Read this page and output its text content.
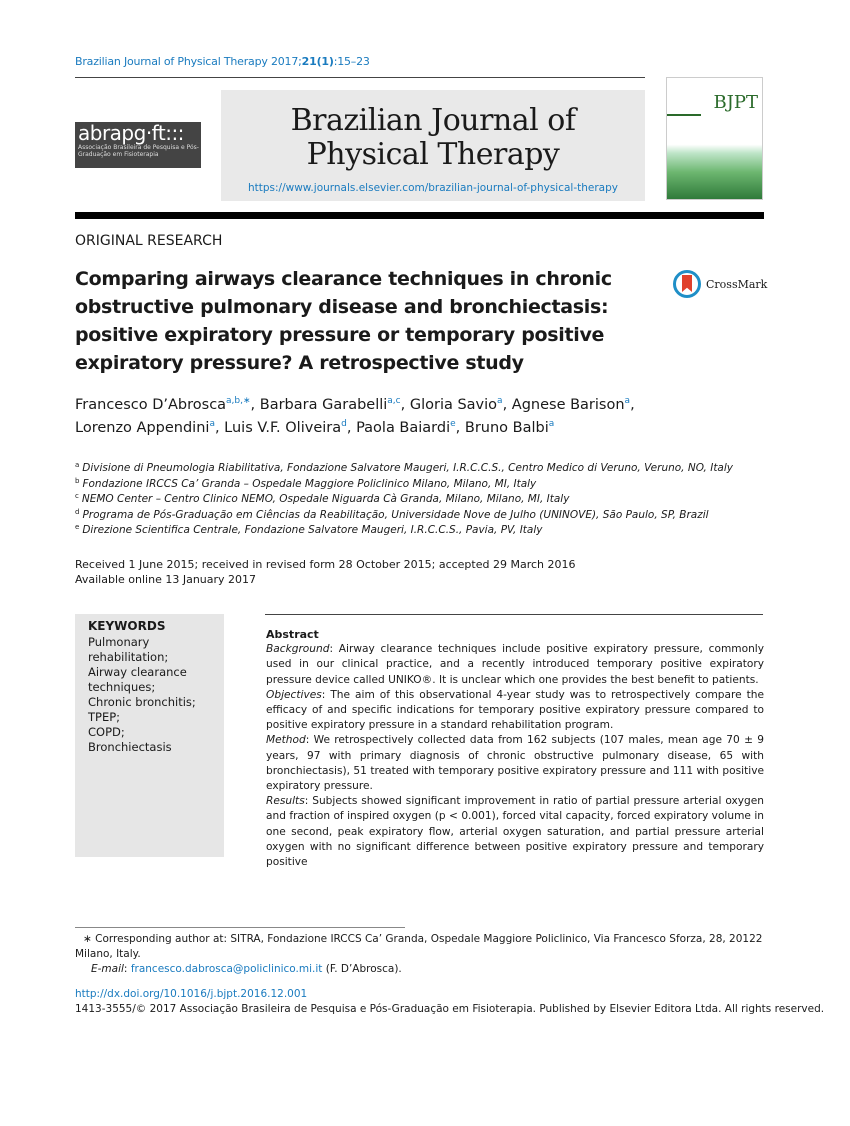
Brazilian Journal of Physical Therapy 2017;21(1):15–23
abrapg·ft:::
Associação Brasileira de Pesquisa e Pós-Graduação em Fisioterapia
Brazilian Journal of
Physical Therapy
https://www.journals.elsevier.com/brazilian-journal-of-physical-therapy
BJPT
ORIGINAL RESEARCH
Comparing airways clearance techniques in chronic obstructive pulmonary disease and bronchiectasis: positive expiratory pressure or temporary positive expiratory pressure? A retrospective study
CrossMark
Francesco D’Abrosca$^{a,b,∗}$, Barbara Garabelli$^{a,c}$, Gloria Savio$^a$, Agnese Barison$^a$,
Lorenzo Appendini$^a$, Luis V.F. Oliveira$^d$, Paola Baiardi$^e$, Bruno Balbi$^a$
$^a$ Divisione di Pneumologia Riabilitativa, Fondazione Salvatore Maugeri, I.R.C.C.S., Centro Medico di Veruno, Veruno, NO, Italy
$^b$ Fondazione IRCCS Ca’ Granda – Ospedale Maggiore Policlinico Milano, Milano, MI, Italy
$^c$ NEMO Center – Centro Clinico NEMO, Ospedale Niguarda Cà Granda, Milano, Milano, MI, Italy
$^d$ Programa de Pós-Graduação em Ciências da Reabilitação, Universidade Nove de Julho (UNINOVE), São Paulo, SP, Brazil
$^e$ Direzione Scientifica Centrale, Fondazione Salvatore Maugeri, I.R.C.C.S., Pavia, PV, Italy
Received 1 June 2015; received in revised form 28 October 2015; accepted 29 March 2016
Available online 13 January 2017
KEYWORDS
Pulmonary rehabilitation;
Airway clearance techniques;
Chronic bronchitis;
TPEP;
COPD;
Bronchiectasis
Abstract

Background: Airway clearance techniques include positive expiratory pressure, commonly used in our clinical practice, and a recently introduced temporary positive expiratory pressure device called UNIKO®. It is unclear which one provides the best benefit to patients.

Objectives: The aim of this observational 4-year study was to retrospectively compare the efficacy of and specific indications for temporary positive expiratory pressure compared to positive expiratory pressure in a standard rehabilitation program.

Method: We retrospectively collected data from 162 subjects (107 males, mean age 70 ± 9 years, 97 with primary diagnosis of chronic obstructive pulmonary disease, 65 with bronchiectasis), 51 treated with temporary positive expiratory pressure and 111 with positive expiratory pressure.

Results: Subjects showed significant improvement in ratio of partial pressure arterial oxygen and fraction of inspired oxygen (p < 0.001), forced vital capacity, forced expiratory volume in one second, peak expiratory flow, arterial oxygen saturation, and partial pressure arterial oxygen with no significant difference between positive expiratory pressure and temporary positive

∗ Corresponding author at: SITRA, Fondazione IRCCS Ca’ Granda, Ospedale Maggiore Policlinico, Via Francesco Sforza, 28, 20122 Milano, Italy.
E-mail: francesco.dabrosca@policlinico.mi.it (F. D’Abrosca).
http://dx.doi.org/10.1016/j.bjpt.2016.12.001
1413-3555/© 2017 Associação Brasileira de Pesquisa e Pós-Graduação em Fisioterapia. Published by Elsevier Editora Ltda. All rights reserved.
